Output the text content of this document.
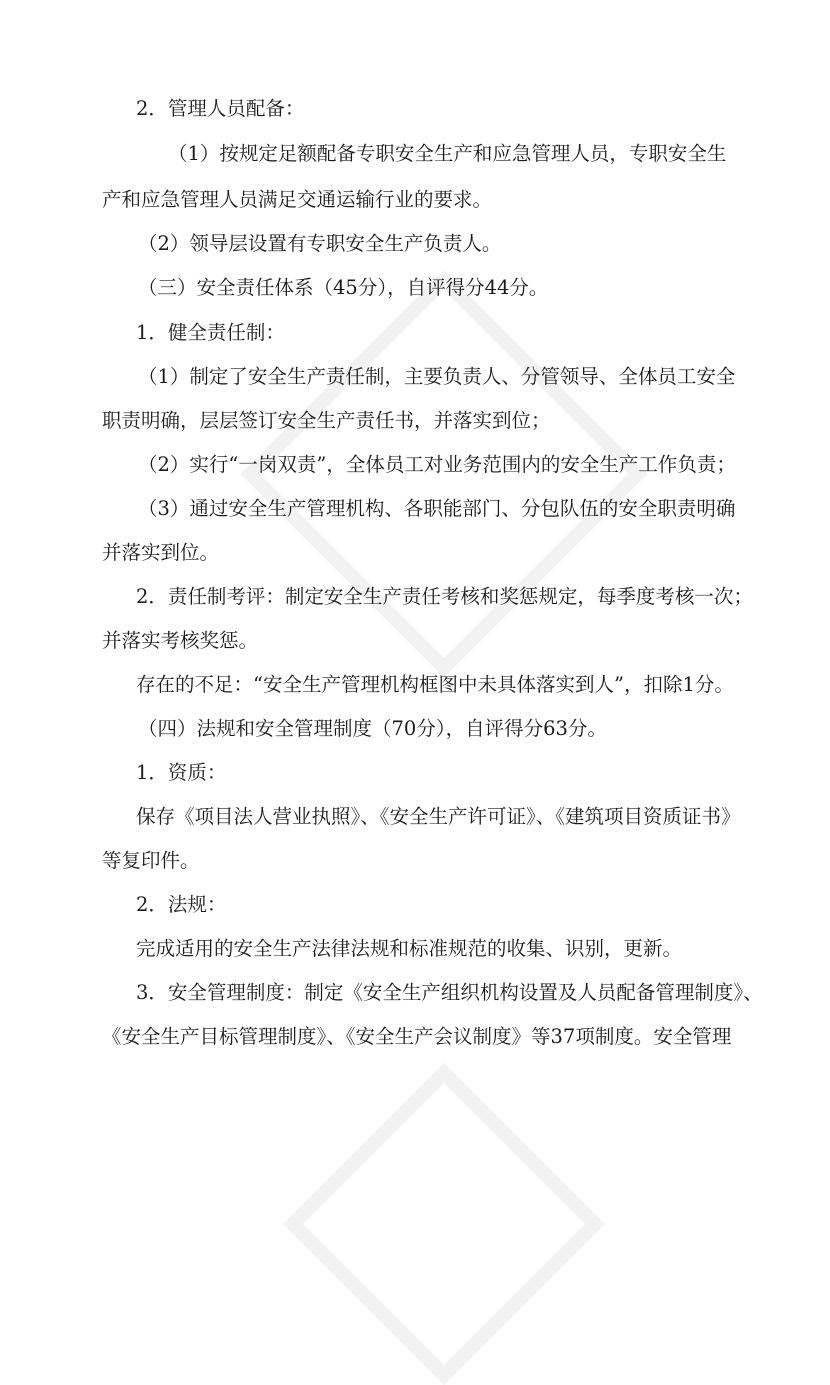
2．管理人员配备：
（1）按规定足额配备专职安全生产和应急管理人员，专职安全生
产和应急管理人员满足交通运输行业的要求。
（2）领导层设置有专职安全生产负责人。
（三）安全责任体系（45分），自评得分44分。
1．健全责任制：
（1）制定了安全生产责任制，主要负责人、分管领导、全体员工安全
职责明确，层层签订安全生产责任书，并落实到位；
（2）实行“一岗双责”，全体员工对业务范围内的安全生产工作负责；
（3）通过安全生产管理机构、各职能部门、分包队伍的安全职责明确
并落实到位。
2．责任制考评：制定安全生产责任考核和奖惩规定，每季度考核一次；
并落实考核奖惩。
存在的不足：“安全生产管理机构框图中未具体落实到人”，扣除1分。
（四）法规和安全管理制度（70分），自评得分63分。
1．资质：
保存《项目法人营业执照》、《安全生产许可证》、《建筑项目资质证书》
等复印件。
2．法规：
完成适用的安全生产法律法规和标准规范的收集、识别，更新。
3．安全管理制度：制定《安全生产组织机构设置及人员配备管理制度》、
《安全生产目标管理制度》、《安全生产会议制度》等37项制度。安全管理
